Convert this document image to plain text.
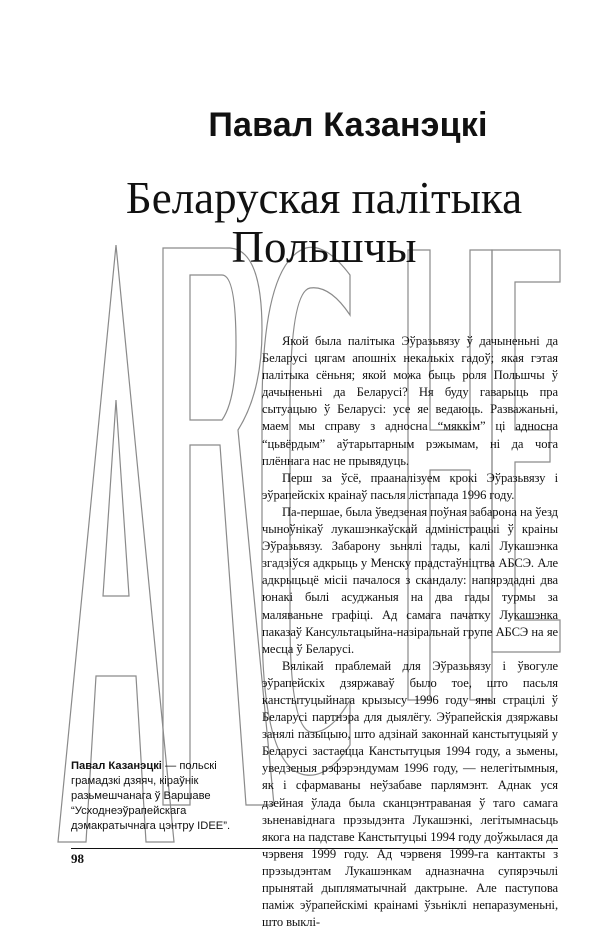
Павал Казанэцкі
Беларуская палітыка
Польшчы

Якой была палітыка Эўразьвязу ў дачыненьні да Беларусі цягам апошніх некалькіх гадоў; якая гэтая палітыка сёньня; якой можа быць роля Польшчы ў дачыненьні да Беларусі? Ня буду гаварыць пра сытуацыю ў Беларусі: усе яе ведаюць. Разважаньні, маем мы справу з адноснa “мяккім” ці адносна “цьвёрдым” аўтарытарным рэжымам, ні да чога плённага нас не прывядуць.

Перш за ўсё, прааналізуем крокі Эўразьвязу і эўрапейскіх краінаў пасьля лістапада 1996 году.

Па-першае, была ўведзеная поўная забарона на ўезд чыноўнікаў лукашэнкаўскай адміністрацыі ў краіны Эўразьвязу. Забарону зьнялі тады, калі Лукашэнка згадзіўся адкрыць у Менску прадстаўніцтва АБСЭ. Але адкрыцьцё місіі пачалося з скандалу: напярэдадні два юнакі былі асуджаныя на два гады турмы за маляваньне графіці. Ад самага пачатку Лукашэнка паказаў Кансультацыйна-назіральнай групе АБСЭ на яе месца ў Беларусі.

Вялікай праблемай для Эўразьвязу і ўвогуле эўрапейскіх дзяржаваў было тое, што пасьля канстытуцыйнага крызысу 1996 году яны страцілі ў Беларусі партнэра для дыялёгу. Эўрапейскія дзяржавы занялі пазыцыю, што адзінай законнай канстытуцыяй у Беларусі застаецца Канстытуцыя 1994 году, а зьмены, уведзеныя рэфэрэндумам 1996 году, — нелегітымныя, як і сфармаваны неўзабаве парлямэнт. Аднак уся дзейная ўлада была сканцэнтраваная ў таго самага зьненавіднага прэзыдэнта Лукашэнкі, легітымнасьць якога на падставе Канстытуцыі 1994 году доўжылася да чэрвеня 1999 году. Ад чэрвеня 1999-га кантакты з прэзыдэнтам Лукашэнкам адназначна супярэчылі прынятай дыпляматычнай дактрыне. Але паступова паміж эўрапейскімі краінамі ўзьніклі непаразуменьні, што выклі-

Павал Казанэцкі — польскі грамадзкі дзяяч, кіраўнік разьмешчанага ў Варшаве “Усходнеэўрапейскага дэмакратычнага цэнтру IDEE”.
98
